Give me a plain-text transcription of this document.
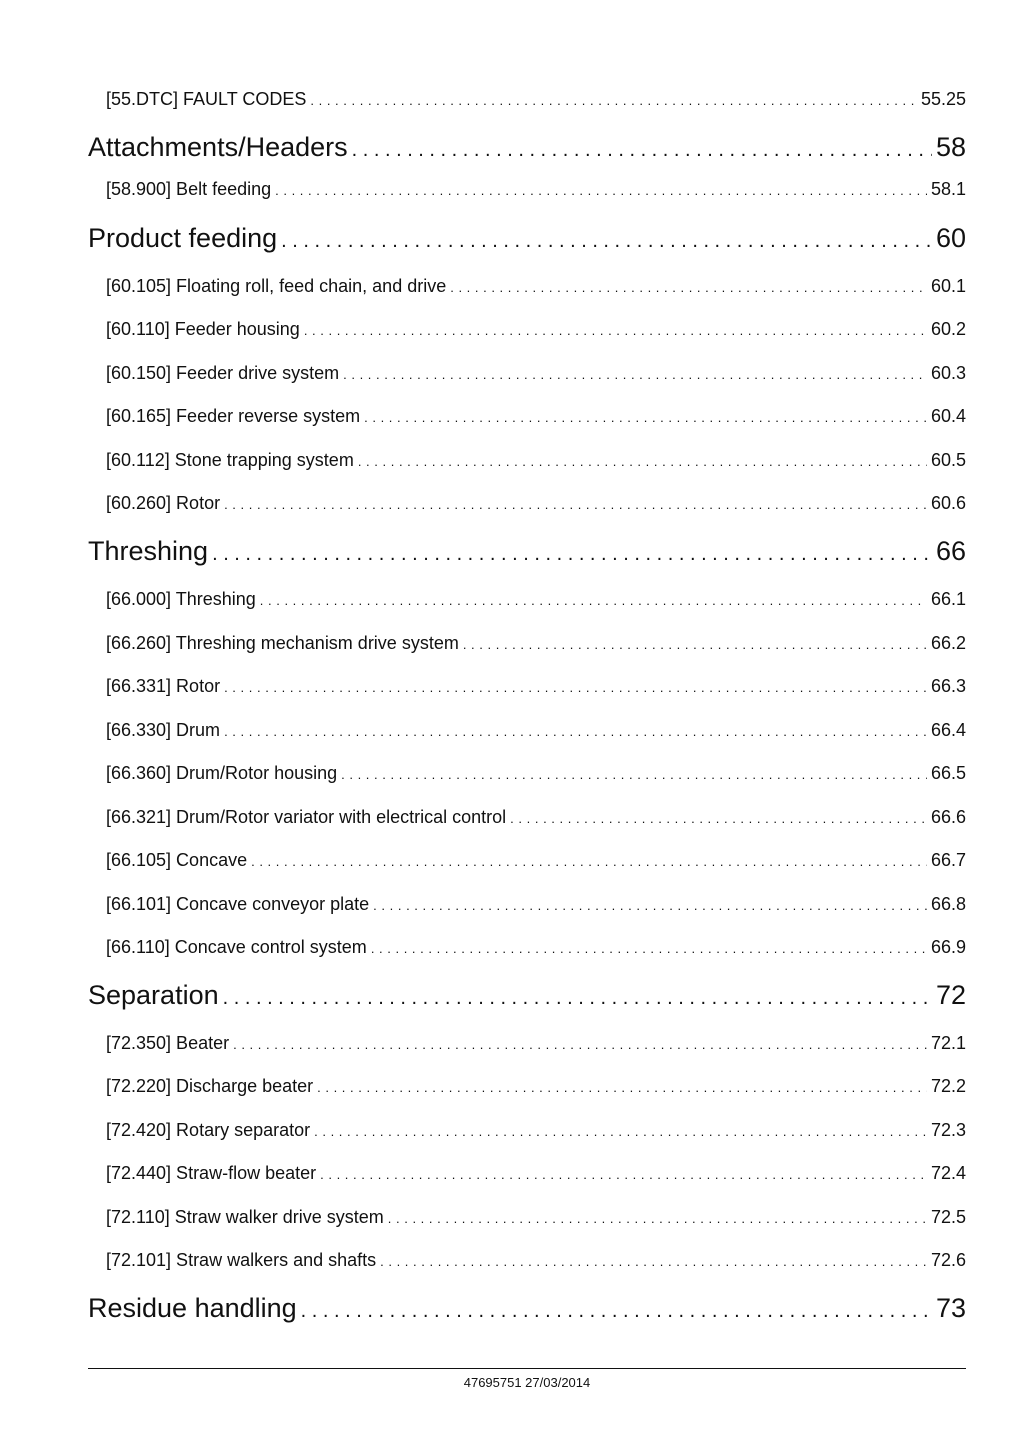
[55.DTC] FAULT CODES . . .	55.25
Attachments/Headers . . .	58
[58.900] Belt feeding . . .	58.1
Product feeding . . .	60
[60.105] Floating roll, feed chain, and drive . . .	60.1
[60.110] Feeder housing . . .	60.2
[60.150] Feeder drive system . . .	60.3
[60.165] Feeder reverse system . . .	60.4
[60.112] Stone trapping system . . .	60.5
[60.260] Rotor . . .	60.6
Threshing . . .	66
[66.000] Threshing . . .	66.1
[66.260] Threshing mechanism drive system . . .	66.2
[66.331] Rotor . . .	66.3
[66.330] Drum . . .	66.4
[66.360] Drum/Rotor housing . . .	66.5
[66.321] Drum/Rotor variator with electrical control . . .	66.6
[66.105] Concave . . .	66.7
[66.101] Concave conveyor plate . . .	66.8
[66.110] Concave control system . . .	66.9
Separation . . .	72
[72.350] Beater . . .	72.1
[72.220] Discharge beater . . .	72.2
[72.420] Rotary separator . . .	72.3
[72.440] Straw-flow beater . . .	72.4
[72.110] Straw walker drive system . . .	72.5
[72.101] Straw walkers and shafts . . .	72.6
Residue handling . . .	73
47695751 27/03/2014
